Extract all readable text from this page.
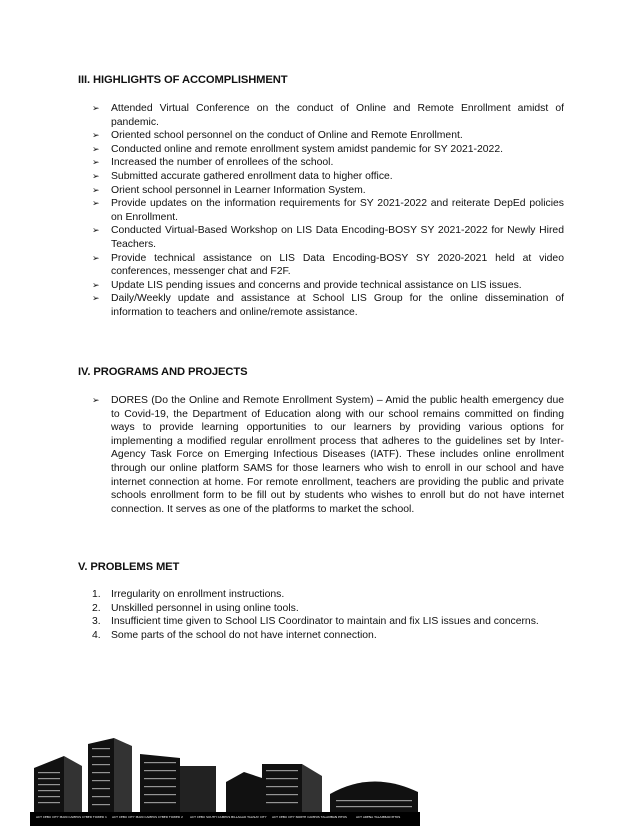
III. HIGHLIGHTS OF ACCOMPLISHMENT
➢ Attended Virtual Conference on the conduct of Online and Remote Enrollment amidst of pandemic.
➢ Oriented school personnel on the conduct of Online and Remote Enrollment.
➢ Conducted online and remote enrollment system amidst pandemic for SY 2021-2022.
➢ Increased the number of enrollees of the school.
➢ Submitted accurate gathered enrollment data to higher office.
➢ Orient school personnel in Learner Information System.
➢ Provide updates on the information requirements for SY 2021-2022 and reiterate DepEd policies on Enrollment.
➢ Conducted Virtual-Based Workshop on LIS Data Encoding-BOSY SY 2021-2022 for Newly Hired Teachers.
➢ Provide technical assistance on LIS Data Encoding-BOSY SY 2020-2021 held at video conferences, messenger chat and F2F.
➢ Update LIS pending issues and concerns and provide technical assistance on LIS issues.
➢ Daily/Weekly update and assistance at School LIS Group for the online dissemination of information to teachers and online/remote assistance.
IV. PROGRAMS AND PROJECTS
➢ DORES (Do the Online and Remote Enrollment System) – Amid the public health emergency due to Covid-19, the Department of Education along with our school remains committed on finding ways to provide learning opportunities to our learners by providing various options for implementing a modified regular enrollment process that adheres to the guidelines set by Inter-Agency Task Force on Emerging Infectious Diseases (IATF). These includes online enrollment through our online platform SAMS for those learners who wish to enroll in our school and have internet connection at home. For remote enrollment, teachers are providing the public and private schools enrollment form to be fill out by students who wishes to enroll but do not have internet connection. It serves as one of the platforms to market the school.
V. PROBLEMS MET
1. Irregularity on enrollment instructions.
2. Unskilled personnel in using online tools.
3. Insufficient time given to School LIS Coordinator to maintain and fix LIS issues and concerns.
4. Some parts of the school do not have internet connection.
ACT CEBU CITY MAIN CAMPUS CYBER TOWER 1 ACT CEBU CITY MAIN CAMPUS CYBER TOWER 2 ACT CEBU SOUTH CAMPUS BILLAGAO TALISAY CITY ACT CEBU CITY NORTH CAMPUS TALAMBAN PITOS	ACT ARENA TALAMBAN PITOS
